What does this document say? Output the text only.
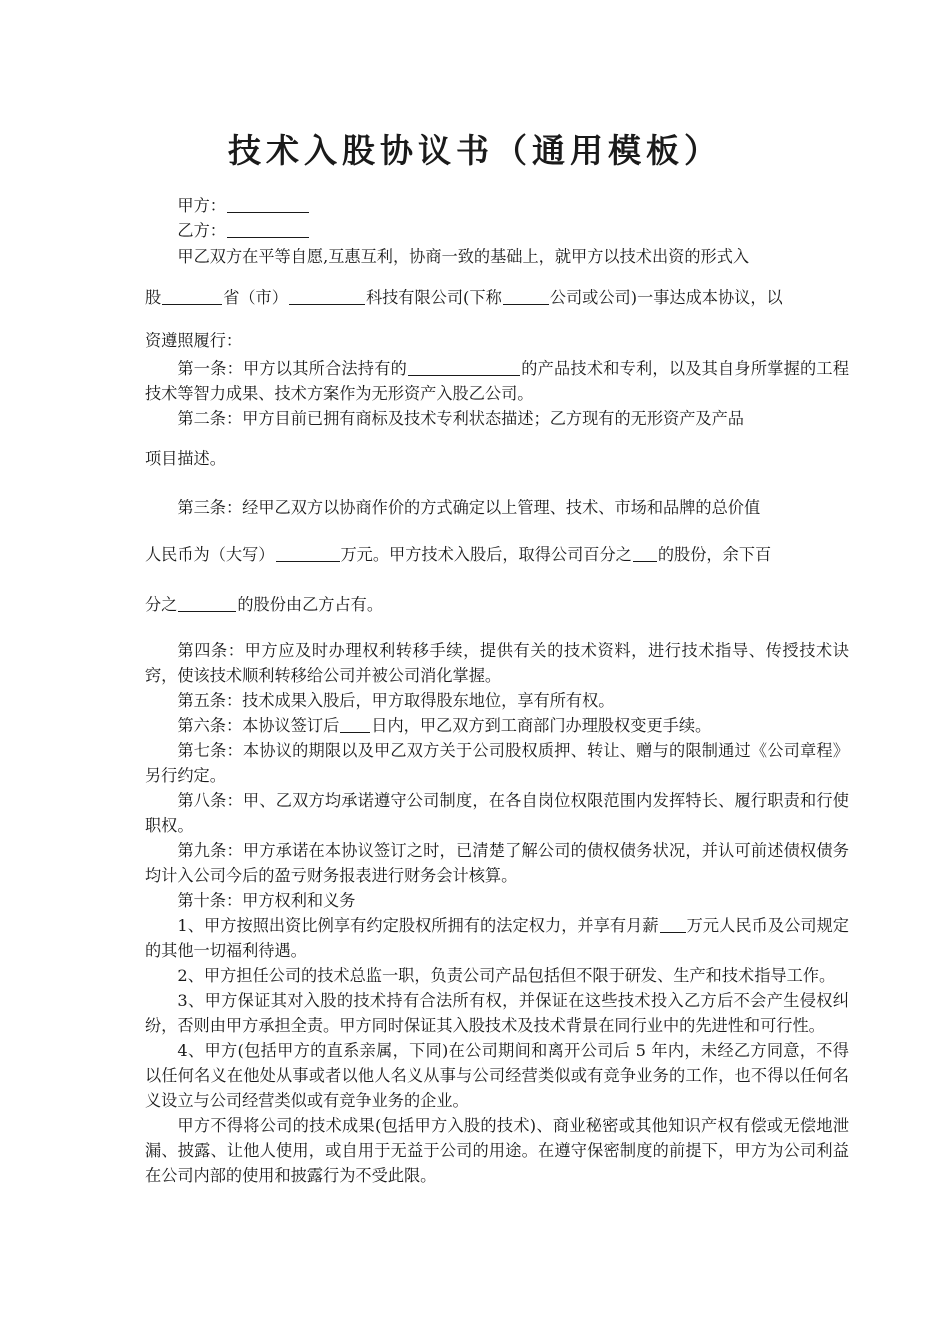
技术入股协议书（通用模板）

甲方：

乙方：

甲乙双方在平等自愿,互惠互利，协商一致的基础上，就甲方以技术出资的形式入
股	省（市）	科技有限公司(下称	公司或公司)一事达成本协议，以
资遵照履行：

第一条：甲方以其所合法持有的	的产品技术和专利，以及其自身所掌握的工程技术等智力成果、技术方案作为无形资产入股乙公司。

第二条：甲方目前已拥有商标及技术专利状态描述；乙方现有的无形资产及产品
项目描述。
第三条：经甲乙双方以协商作价的方式确定以上管理、技术、市场和品牌的总价值
人民币为（大写）	万元。甲方技术入股后，取得公司百分之 的股份，余下百
分之	的股份由乙方占有。

第四条：甲方应及时办理权利转移手续，提供有关的技术资料，进行技术指导、传授技术诀窍，使该技术顺利转移给公司并被公司消化掌握。

第五条：技术成果入股后，甲方取得股东地位，享有所有权。

第六条：本协议签订后 日内，甲乙双方到工商部门办理股权变更手续。

第七条：本协议的期限以及甲乙双方关于公司股权质押、转让、赠与的限制通过《公司章程》另行约定。

第八条：甲、乙双方均承诺遵守公司制度，在各自岗位权限范围内发挥特长、履行职责和行使职权。

第九条：甲方承诺在本协议签订之时，已清楚了解公司的债权债务状况，并认可前述债权债务均计入公司今后的盈亏财务报表进行财务会计核算。

第十条：甲方权利和义务

1、甲方按照出资比例享有约定股权所拥有的法定权力，并享有月薪 万元人民币及公司规定的其他一切福利待遇。

2、甲方担任公司的技术总监一职，负责公司产品包括但不限于研发、生产和技术指导工作。

3、甲方保证其对入股的技术持有合法所有权，并保证在这些技术投入乙方后不会产生侵权纠纷，否则由甲方承担全责。甲方同时保证其入股技术及技术背景在同行业中的先进性和可行性。

4、甲方(包括甲方的直系亲属，下同)在公司期间和离开公司后 5 年内，未经乙方同意，不得以任何名义在他处从事或者以他人名义从事与公司经营类似或有竞争业务的工作，也不得以任何名义设立与公司经营类似或有竞争业务的企业。

甲方不得将公司的技术成果(包括甲方入股的技术)、商业秘密或其他知识产权有偿或无偿地泄漏、披露、让他人使用，或自用于无益于公司的用途。在遵守保密制度的前提下，甲方为公司利益在公司内部的使用和披露行为不受此限。
